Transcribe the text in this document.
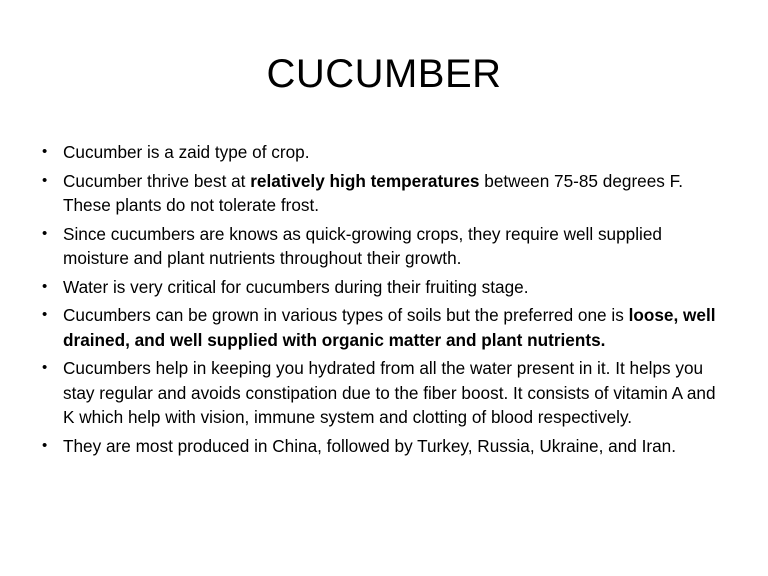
CUCUMBER
• Cucumber is a zaid type of crop.
• Cucumber thrive best at relatively high temperatures between 75-85 degrees F. These plants do not tolerate frost.
• Since cucumbers are knows as quick-growing crops, they require well supplied moisture and plant nutrients throughout their growth.
• Water is very critical for cucumbers during their fruiting stage.
• Cucumbers can be grown in various types of soils but the preferred one is loose, well drained, and well supplied with organic matter and plant nutrients.
• Cucumbers help in keeping you hydrated from all the water present in it. It helps you stay regular and avoids constipation due to the fiber boost. It consists of vitamin A and K which help with vision, immune system and clotting of blood respectively.
• They are most produced in China, followed by Turkey, Russia, Ukraine, and Iran.
